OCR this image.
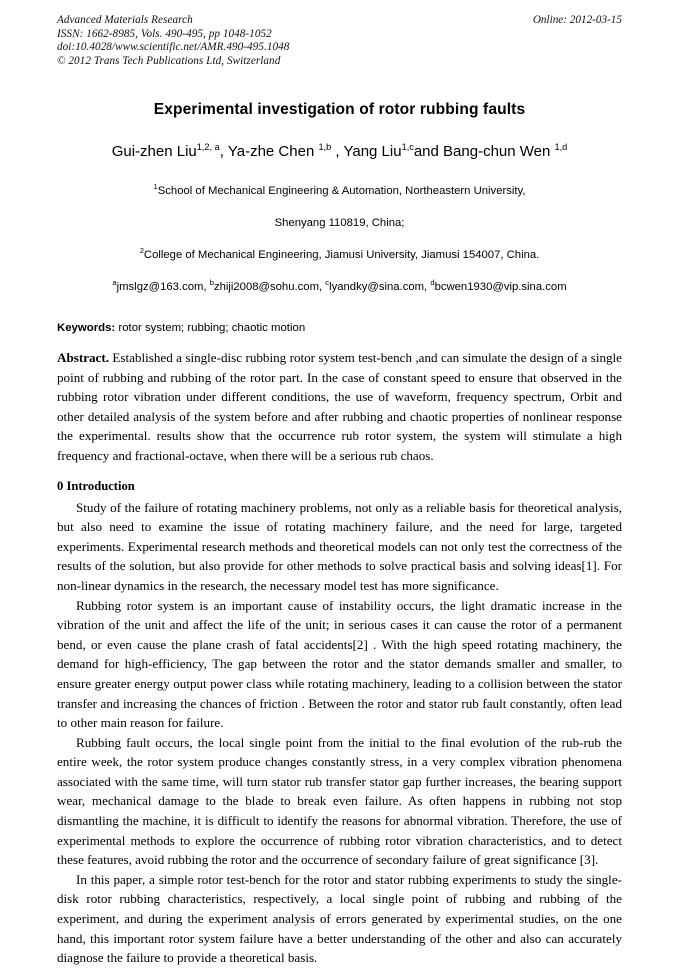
Advanced Materials Research
ISSN: 1662-8985, Vols. 490-495, pp 1048-1052
doi:10.4028/www.scientific.net/AMR.490-495.1048
© 2012 Trans Tech Publications Ltd, Switzerland
Online: 2012-03-15
Experimental investigation of rotor rubbing faults
Gui-zhen Liu$^{1,2, a}$, Ya-zhe Chen $^{1,b}$ , Yang Liu$^{1,c}$and Bang-chun Wen $^{1,d}$
$^1$School of Mechanical Engineering & Automation, Northeastern University,
Shenyang 110819, China;
$^2$College of Mechanical Engineering, Jiamusi University, Jiamusi 154007, China.
$^a$jmslgz@163.com, $^b$zhiji2008@sohu.com, $^c$lyandky@sina.com, $^d$bcwen1930@vip.sina.com
Keywords: rotor system; rubbing; chaotic motion
Abstract. Established a single-disc rubbing rotor system test-bench ,and can simulate the design of a single point of rubbing and rubbing of the rotor part. In the case of constant speed to ensure that observed in the rubbing rotor vibration under different conditions, the use of waveform, frequency spectrum, Orbit and other detailed analysis of the system before and after rubbing and chaotic properties of nonlinear response the experimental. results show that the occurrence rub rotor system, the system will stimulate a high frequency and fractional-octave, when there will be a serious rub chaos.
0 Introduction

Study of the failure of rotating machinery problems, not only as a reliable basis for theoretical analysis, but also need to examine the issue of rotating machinery failure, and the need for large, targeted experiments. Experimental research methods and theoretical models can not only test the correctness of the results of the solution, but also provide for other methods to solve practical basis and solving ideas[1]. For non-linear dynamics in the research, the necessary model test has more significance.

Rubbing rotor system is an important cause of instability occurs, the light dramatic increase in the vibration of the unit and affect the life of the unit; in serious cases it can cause the rotor of a permanent bend, or even cause the plane crash of fatal accidents[2] . With the high speed rotating machinery, the demand for high-efficiency, The gap between the rotor and the stator demands smaller and smaller, to ensure greater energy output power class while rotating machinery, leading to a collision between the stator transfer and increasing the chances of friction . Between the rotor and stator rub fault constantly, often lead to other main reason for failure.

Rubbing fault occurs, the local single point from the initial to the final evolution of the rub-rub the entire week, the rotor system produce changes constantly stress, in a very complex vibration phenomena associated with the same time, will turn stator rub transfer stator gap further increases, the bearing support wear, mechanical damage to the blade to break even failure. As often happens in rubbing not stop dismantling the machine, it is difficult to identify the reasons for abnormal vibration. Therefore, the use of experimental methods to explore the occurrence of rubbing rotor vibration characteristics, and to detect these features, avoid rubbing the rotor and the occurrence of secondary failure of great significance [3].

In this paper, a simple rotor test-bench for the rotor and stator rubbing experiments to study the single-disk rotor rubbing characteristics, respectively, a local single point of rubbing and rubbing of the experiment, and during the experiment analysis of errors generated by experimental studies, on the one hand, this important rotor system failure have a better understanding of the other and also can accurately diagnose the failure to provide a theoretical basis.
